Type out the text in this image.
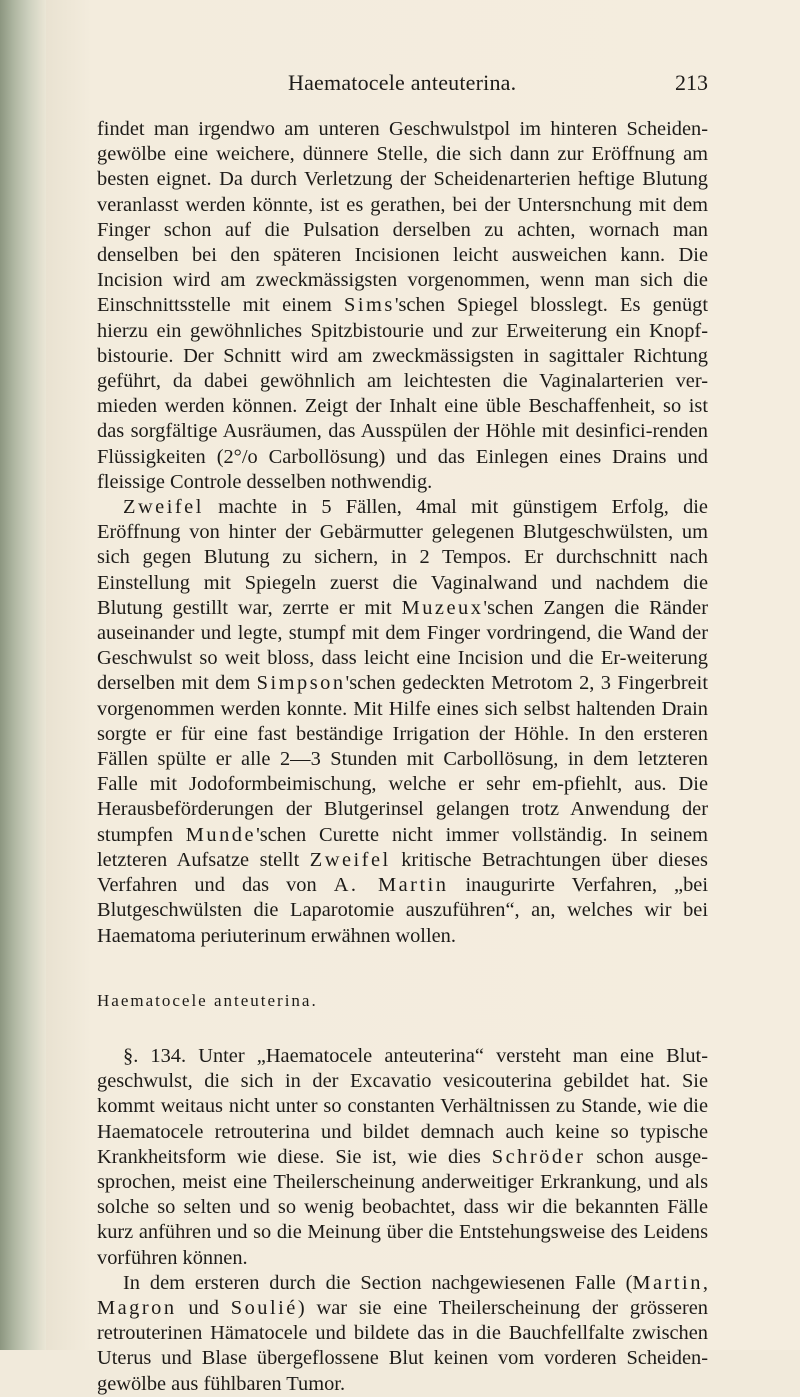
Haematocele anteuterina.	213

findet man irgendwo am unteren Geschwulstpol im hinteren Scheiden-gewölbe eine weichere, dünnere Stelle, die sich dann zur Eröffnung am besten eignet. Da durch Verletzung der Scheidenarterien heftige Blutung veranlasst werden könnte, ist es gerathen, bei der Untersnchung mit dem Finger schon auf die Pulsation derselben zu achten, wornach man denselben bei den späteren Incisionen leicht ausweichen kann. Die Incision wird am zweckmässigsten vorgenommen, wenn man sich die Einschnittsstelle mit einem Sims'schen Spiegel blosslegt. Es genügt hierzu ein gewöhnliches Spitzbistourie und zur Erweiterung ein Knopf-bistourie. Der Schnitt wird am zweckmässigsten in sagittaler Richtung geführt, da dabei gewöhnlich am leichtesten die Vaginalarterien ver-mieden werden können. Zeigt der Inhalt eine üble Beschaffenheit, so ist das sorgfältige Ausräumen, das Ausspülen der Höhle mit desinfici-renden Flüssigkeiten (2°/o Carbollösung) und das Einlegen eines Drains und fleissige Controle desselben nothwendig.

Zweifel machte in 5 Fällen, 4mal mit günstigem Erfolg, die Eröffnung von hinter der Gebärmutter gelegenen Blutgeschwülsten, um sich gegen Blutung zu sichern, in 2 Tempos. Er durchschnitt nach Einstellung mit Spiegeln zuerst die Vaginalwand und nachdem die Blutung gestillt war, zerrte er mit Muzeux'schen Zangen die Ränder auseinander und legte, stumpf mit dem Finger vordringend, die Wand der Geschwulst so weit bloss, dass leicht eine Incision und die Er-weiterung derselben mit dem Simpson'schen gedeckten Metrotom 2, 3 Fingerbreit vorgenommen werden konnte. Mit Hilfe eines sich selbst haltenden Drain sorgte er für eine fast beständige Irrigation der Höhle. In den ersteren Fällen spülte er alle 2—3 Stunden mit Carbollösung, in dem letzteren Falle mit Jodoformbeimischung, welche er sehr em-pfiehlt, aus. Die Herausbeförderungen der Blutgerinsel gelangen trotz Anwendung der stumpfen Munde'schen Curette nicht immer vollständig. In seinem letzteren Aufsatze stellt Zweifel kritische Betrachtungen über dieses Verfahren und das von A. Martin inaugurirte Verfahren, „bei Blutgeschwülsten die Laparotomie auszuführen“, an, welches wir bei Haematoma periuterinum erwähnen wollen.

Haematocele anteuterina.

§. 134. Unter „Haematocele anteuterina“ versteht man eine Blut-geschwulst, die sich in der Excavatio vesicouterina gebildet hat. Sie kommt weitaus nicht unter so constanten Verhältnissen zu Stande, wie die Haematocele retrouterina und bildet demnach auch keine so typische Krankheitsform wie diese. Sie ist, wie dies Schröder schon ausge-sprochen, meist eine Theilerscheinung anderweitiger Erkrankung, und als solche so selten und so wenig beobachtet, dass wir die bekannten Fälle kurz anführen und so die Meinung über die Entstehungsweise des Leidens vorführen können.

In dem ersteren durch die Section nachgewiesenen Falle (Martin, Magron und Soulié) war sie eine Theilerscheinung der grösseren retrouterinen Hämatocele und bildete das in die Bauchfellfalte zwischen Uterus und Blase übergeflossene Blut keinen vom vorderen Scheiden-gewölbe aus fühlbaren Tumor.
